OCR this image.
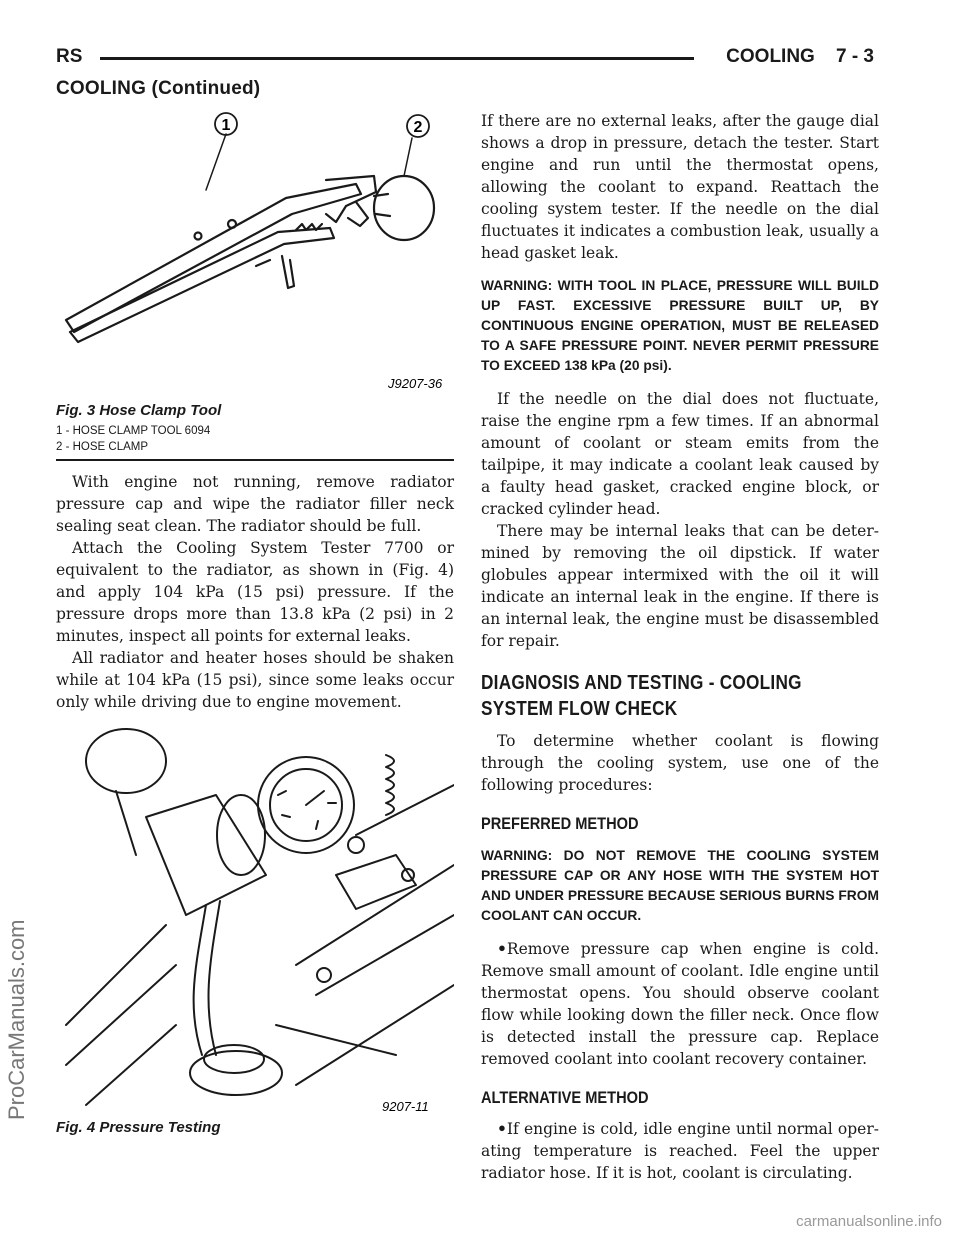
RS	COOLING 7 - 3
COOLING (Continued)
ProCarManuals.com
carmanualsonline.info
1	2
J9207-36
Fig. 3 Hose Clamp Tool
1 - HOSE CLAMP TOOL 6094
2 - HOSE CLAMP

With engine not running, remove radiator pressure cap and wipe the radiator filler neck sealing seat clean. The radiator should be full.

Attach the Cooling System Tester 7700 or equivalent to the radiator, as shown in (Fig. 4) and apply 104 kPa (15 psi) pressure. If the pressure drops more than 13.8 kPa (2 psi) in 2 minutes, inspect all points for external leaks.

All radiator and heater hoses should be shaken while at 104 kPa (15 psi), since some leaks occur only while driving due to engine movement.

9207-11
Fig. 4 Pressure Testing

If there are no external leaks, after the gauge dial shows a drop in pressure, detach the tester. Start engine and run until the thermostat opens, allowing the coolant to expand. Reattach the cooling system tester. If the needle on the dial fluctuates it indicates a combustion leak, usually a head gasket leak.

WARNING: WITH TOOL IN PLACE, PRESSURE WILL BUILD UP FAST. EXCESSIVE PRESSURE BUILT UP, BY CONTINUOUS ENGINE OPERATION, MUST BE RELEASED TO A SAFE PRESSURE POINT. NEVER PERMIT PRESSURE TO EXCEED 138 kPa (20 psi).

If the needle on the dial does not fluctuate, raise the engine rpm a few times. If an abnormal amount of coolant or steam emits from the tailpipe, it may indicate a coolant leak caused by a faulty head gasket, cracked engine block, or cracked cylinder head.

There may be internal leaks that can be determined by removing the oil dipstick. If water globules appear intermixed with the oil it will indicate an internal leak in the engine. If there is an internal leak, the engine must be disassembled for repair.

DIAGNOSIS AND TESTING - COOLING SYSTEM FLOW CHECK

To determine whether coolant is flowing through the cooling system, use one of the following procedures:

PREFERRED METHOD

WARNING: DO NOT REMOVE THE COOLING SYSTEM PRESSURE CAP OR ANY HOSE WITH THE SYSTEM HOT AND UNDER PRESSURE BECAUSE SERIOUS BURNS FROM COOLANT CAN OCCUR.

•Remove pressure cap when engine is cold. Remove small amount of coolant. Idle engine until thermostat opens. You should observe coolant flow while looking down the filler neck. Once flow is detected install the pressure cap. Replace removed coolant into coolant recovery container.

ALTERNATIVE METHOD

•If engine is cold, idle engine until normal operating temperature is reached. Feel the upper radiator hose. If it is hot, coolant is circulating.
